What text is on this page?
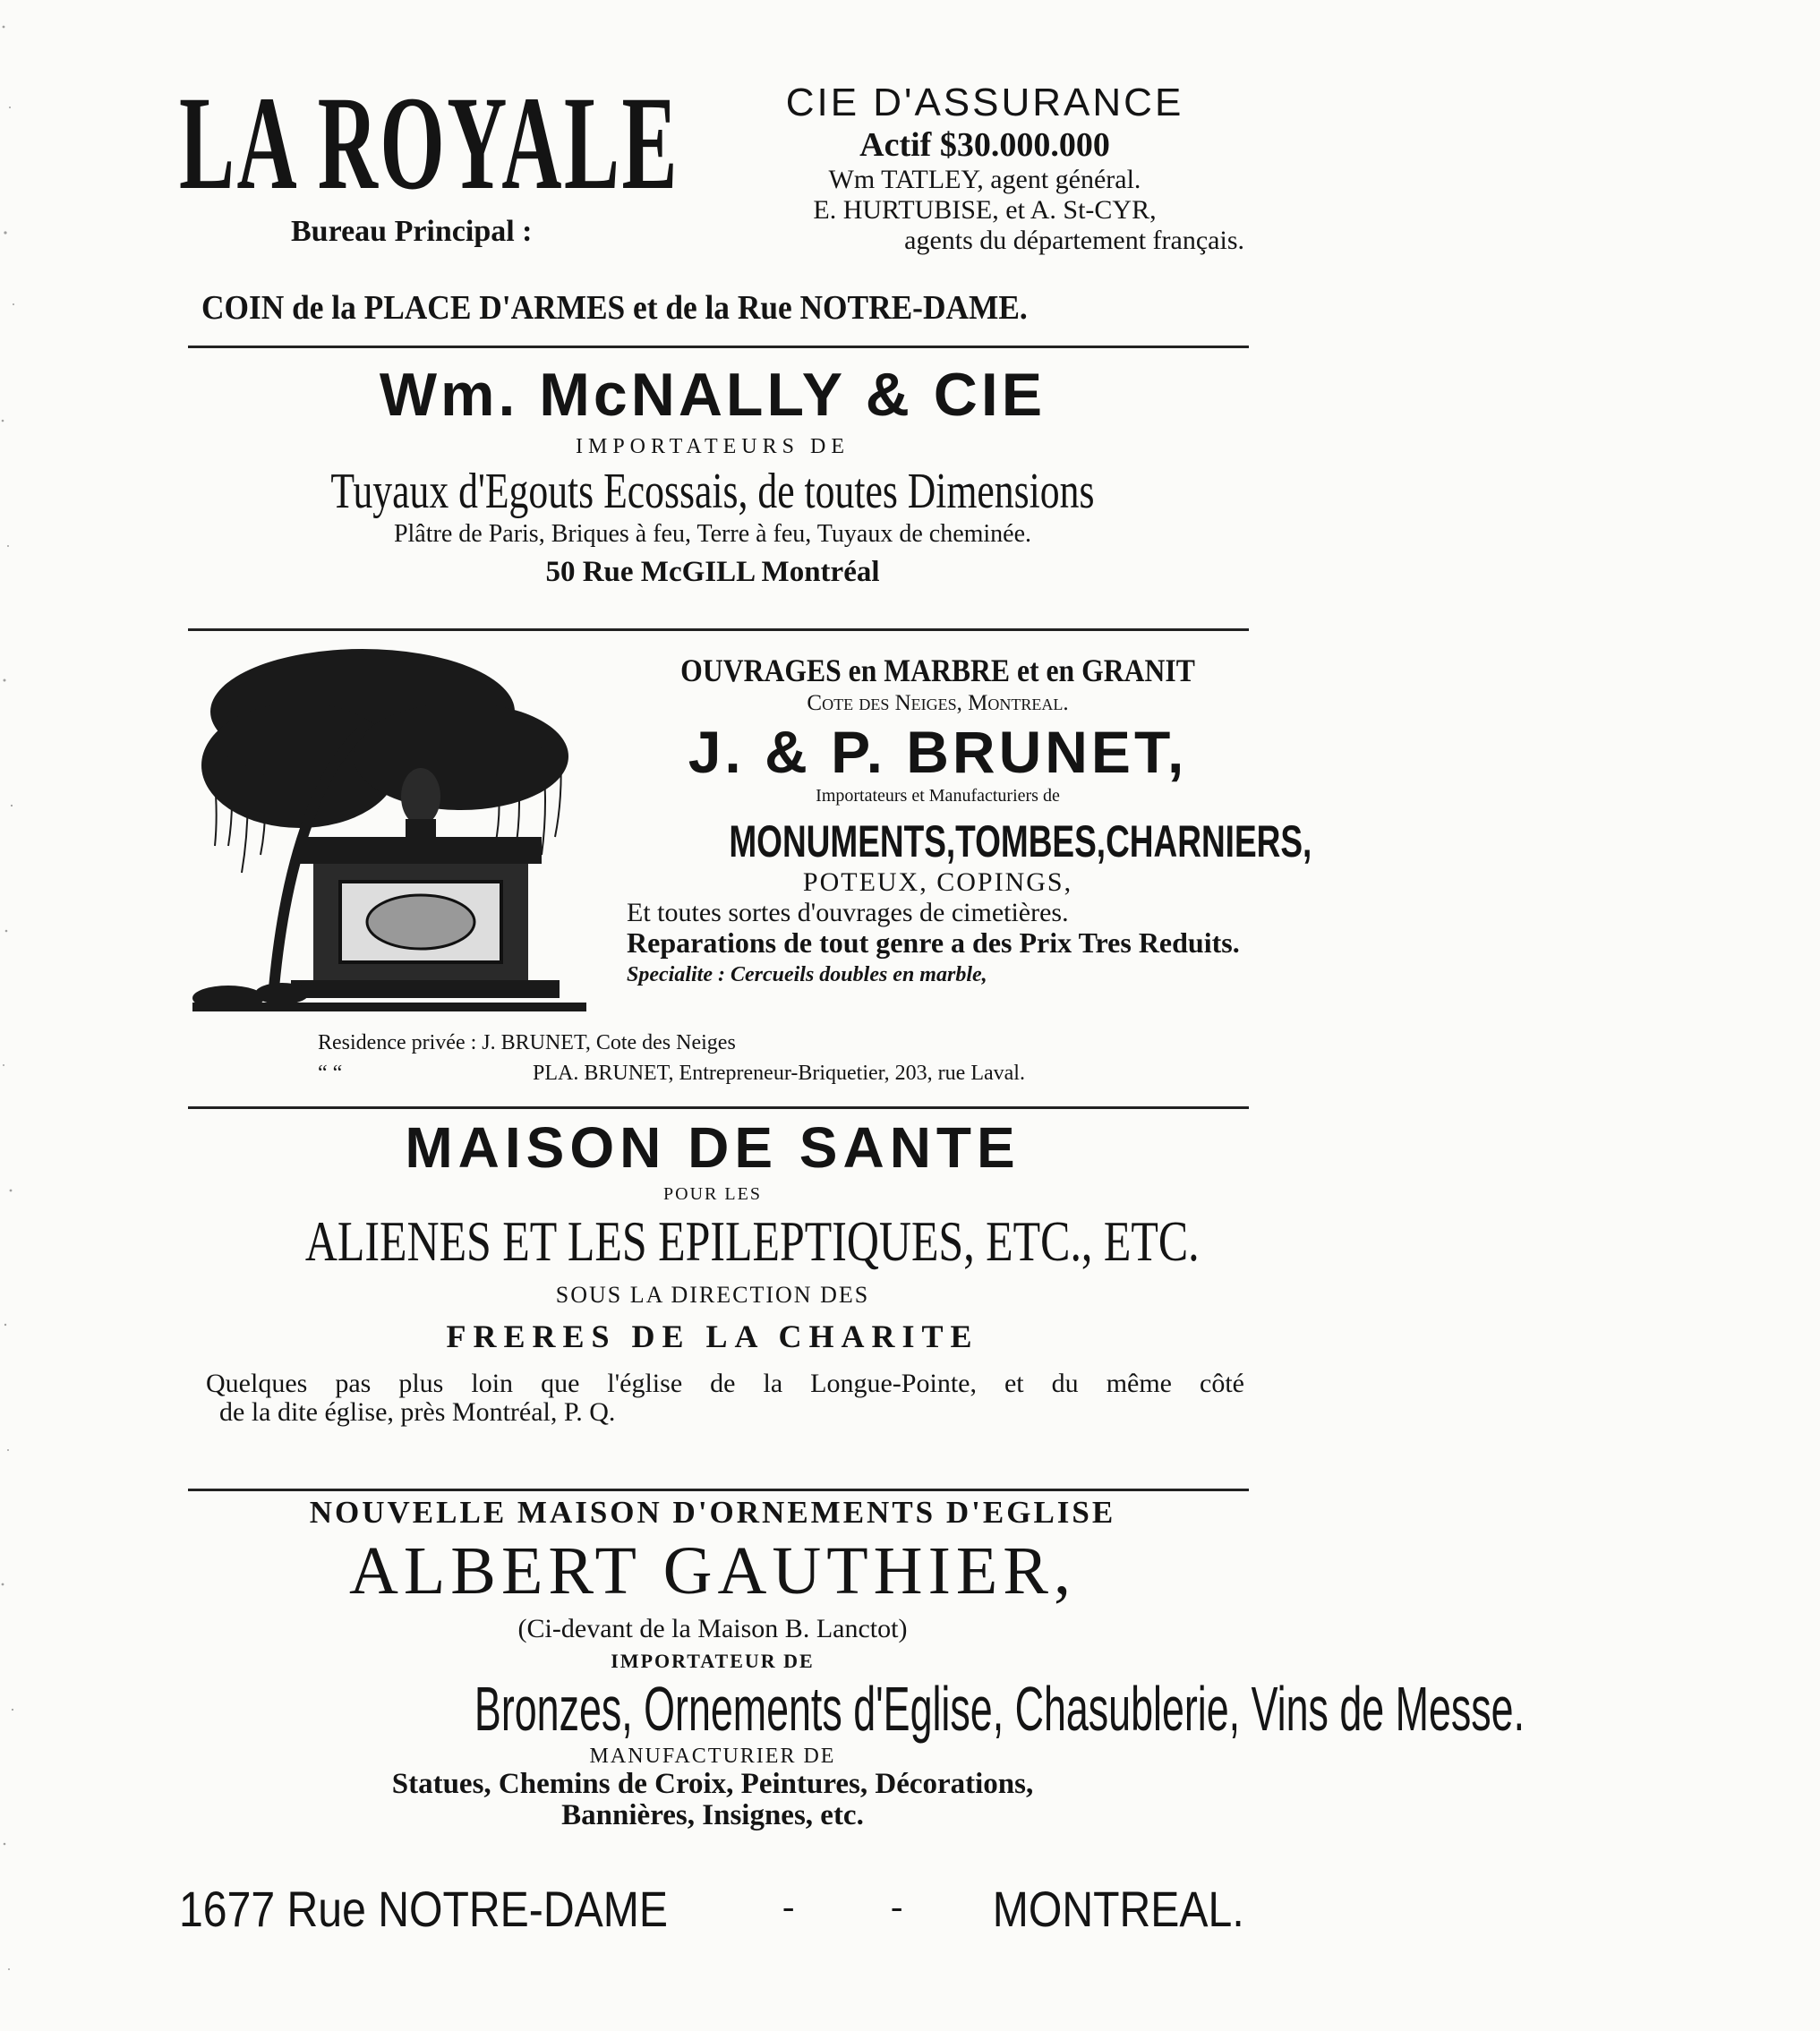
LA ROYALE
Bureau Principal :
CIE D'ASSURANCE
Actif $30.000.000
Wm TATLEY, agent général.
E. HURTUBISE, et A. St-CYR,
agents du département français.
COIN de la PLACE D'ARMES et de la Rue NOTRE-DAME.
Wm. McNALLY & CIE
IMPORTATEURS DE
Tuyaux d'Egouts Ecossais, de toutes Dimensions
Plâtre de Paris, Briques à feu, Terre à feu, Tuyaux de cheminée.
50 Rue McGILL Montréal
OUVRAGES en MARBRE et en GRANIT
Cote des Neiges, Montreal.
J. & P. BRUNET,
Importateurs et Manufacturiers de
MONUMENTS,TOMBES,CHARNIERS,
POTEUX, COPINGS,
Et toutes sortes d'ouvrages de cimetières.
Reparations de tout genre a des Prix Tres Reduits.
Specialite : Cercueils doubles en marble,
Residence privée : J. BRUNET, Cote des Neiges
“ “	PLA. BRUNET, Entrepreneur-Briquetier, 203, rue Laval.
MAISON DE SANTE
POUR LES
ALIENES ET LES EPILEPTIQUES, ETC., ETC.
SOUS LA DIRECTION DES
FRERES DE LA CHARITE
Quelques pas plus loin que l'église de la Longue-Pointe, et du même côté
de la dite église, près Montréal, P. Q.
NOUVELLE MAISON D'ORNEMENTS D'EGLISE
ALBERT GAUTHIER,
(Ci-devant de la Maison B. Lanctot)
IMPORTATEUR DE
Bronzes, Ornements d'Eglise, Chasublerie, Vins de Messe.
MANUFACTURIER DE
Statues, Chemins de Croix, Peintures, Décorations,
Bannières, Insignes, etc.
1677 Rue NOTRE-DAME	-	- MONTREAL.
